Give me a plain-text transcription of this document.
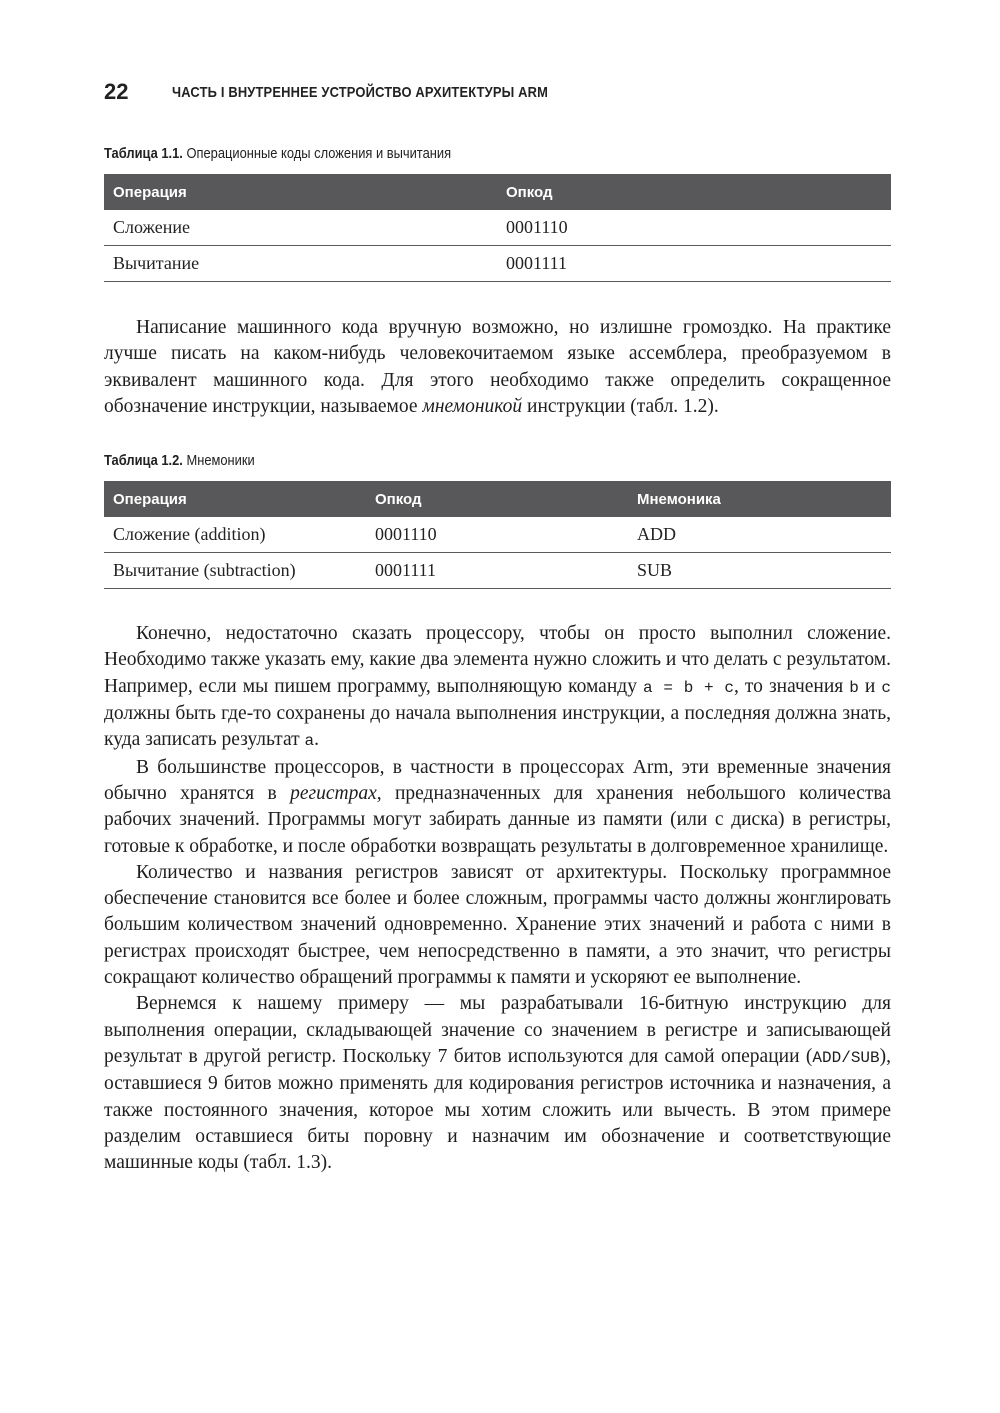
22	ЧАСТЬ I ВНУТРЕННЕЕ УСТРОЙСТВО АРХИТЕКТУРЫ ARM

Таблица 1.1. Операционные коды сложения и вычитания

Операция	Опкод
Сложение	0001110
Вычитание	0001111

Написание машинного кода вручную возможно, но излишне громоздко. На практике лучше писать на каком-нибудь человекочитаемом языке ассемблера, преобразуемом в эквивалент машинного кода. Для этого необходимо также определить сокращенное обозначение инструкции, называемое мнемоникой инструкции (табл. 1.2).

Таблица 1.2. Мнемоники

Операция	Опкод	Мнемоника
Сложение (addition)	0001110	ADD
Вычитание (subtraction)	0001111	SUB

Конечно, недостаточно сказать процессору, чтобы он просто выполнил сложение. Необходимо также указать ему, какие два элемента нужно сложить и что делать с результатом. Например, если мы пишем программу, выполняющую команду a = b + c, то значения b и c должны быть где-то сохранены до начала выполнения инструкции, а последняя должна знать, куда записать результат a.

В большинстве процессоров, в частности в процессорах Arm, эти временные значения обычно хранятся в регистрах, предназначенных для хранения небольшого количества рабочих значений. Программы могут забирать данные из памяти (или с диска) в регистры, готовые к обработке, и после обработки возвращать результаты в долговременное хранилище.

Количество и названия регистров зависят от архитектуры. Поскольку программное обеспечение становится все более и более сложным, программы часто должны жонглировать большим количеством значений одновременно. Хранение этих значений и работа с ними в регистрах происходят быстрее, чем непосредственно в памяти, а это значит, что регистры сокращают количество обращений программы к памяти и ускоряют ее выполнение.

Вернемся к нашему примеру — мы разрабатывали 16-битную инструкцию для выполнения операции, складывающей значение со значением в регистре и записывающей результат в другой регистр. Поскольку 7 битов используются для самой операции (ADD/SUB), оставшиеся 9 битов можно применять для кодирования регистров источника и назначения, а также постоянного значения, которое мы хотим сложить или вычесть. В этом примере разделим оставшиеся биты поровну и назначим им обозначение и соответствующие машинные коды (табл. 1.3).
